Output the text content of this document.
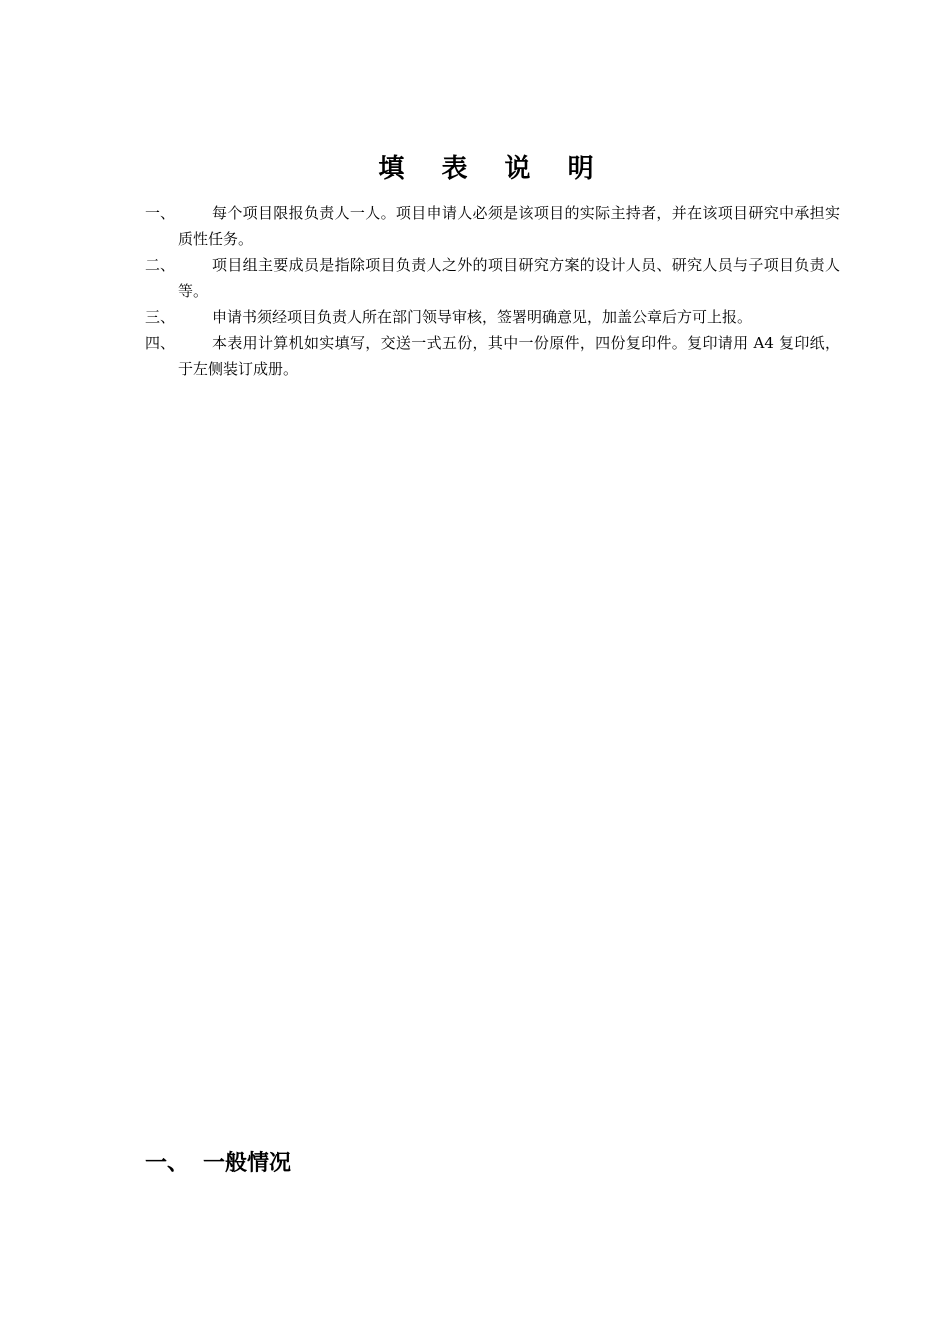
填 表 说 明
一、	每个项目限报负责人一人。项目申请人必须是该项目的实际主持者，并在该项目研究中承担实质性任务。
二、	项目组主要成员是指除项目负责人之外的项目研究方案的设计人员、研究人员与子项目负责人等。
三、	申请书须经项目负责人所在部门领导审核，签署明确意见，加盖公章后方可上报。
四、	本表用计算机如实填写，交送一式五份，其中一份原件，四份复印件。复印请用 A4 复印纸，于左侧装订成册。
一、 一般情况
